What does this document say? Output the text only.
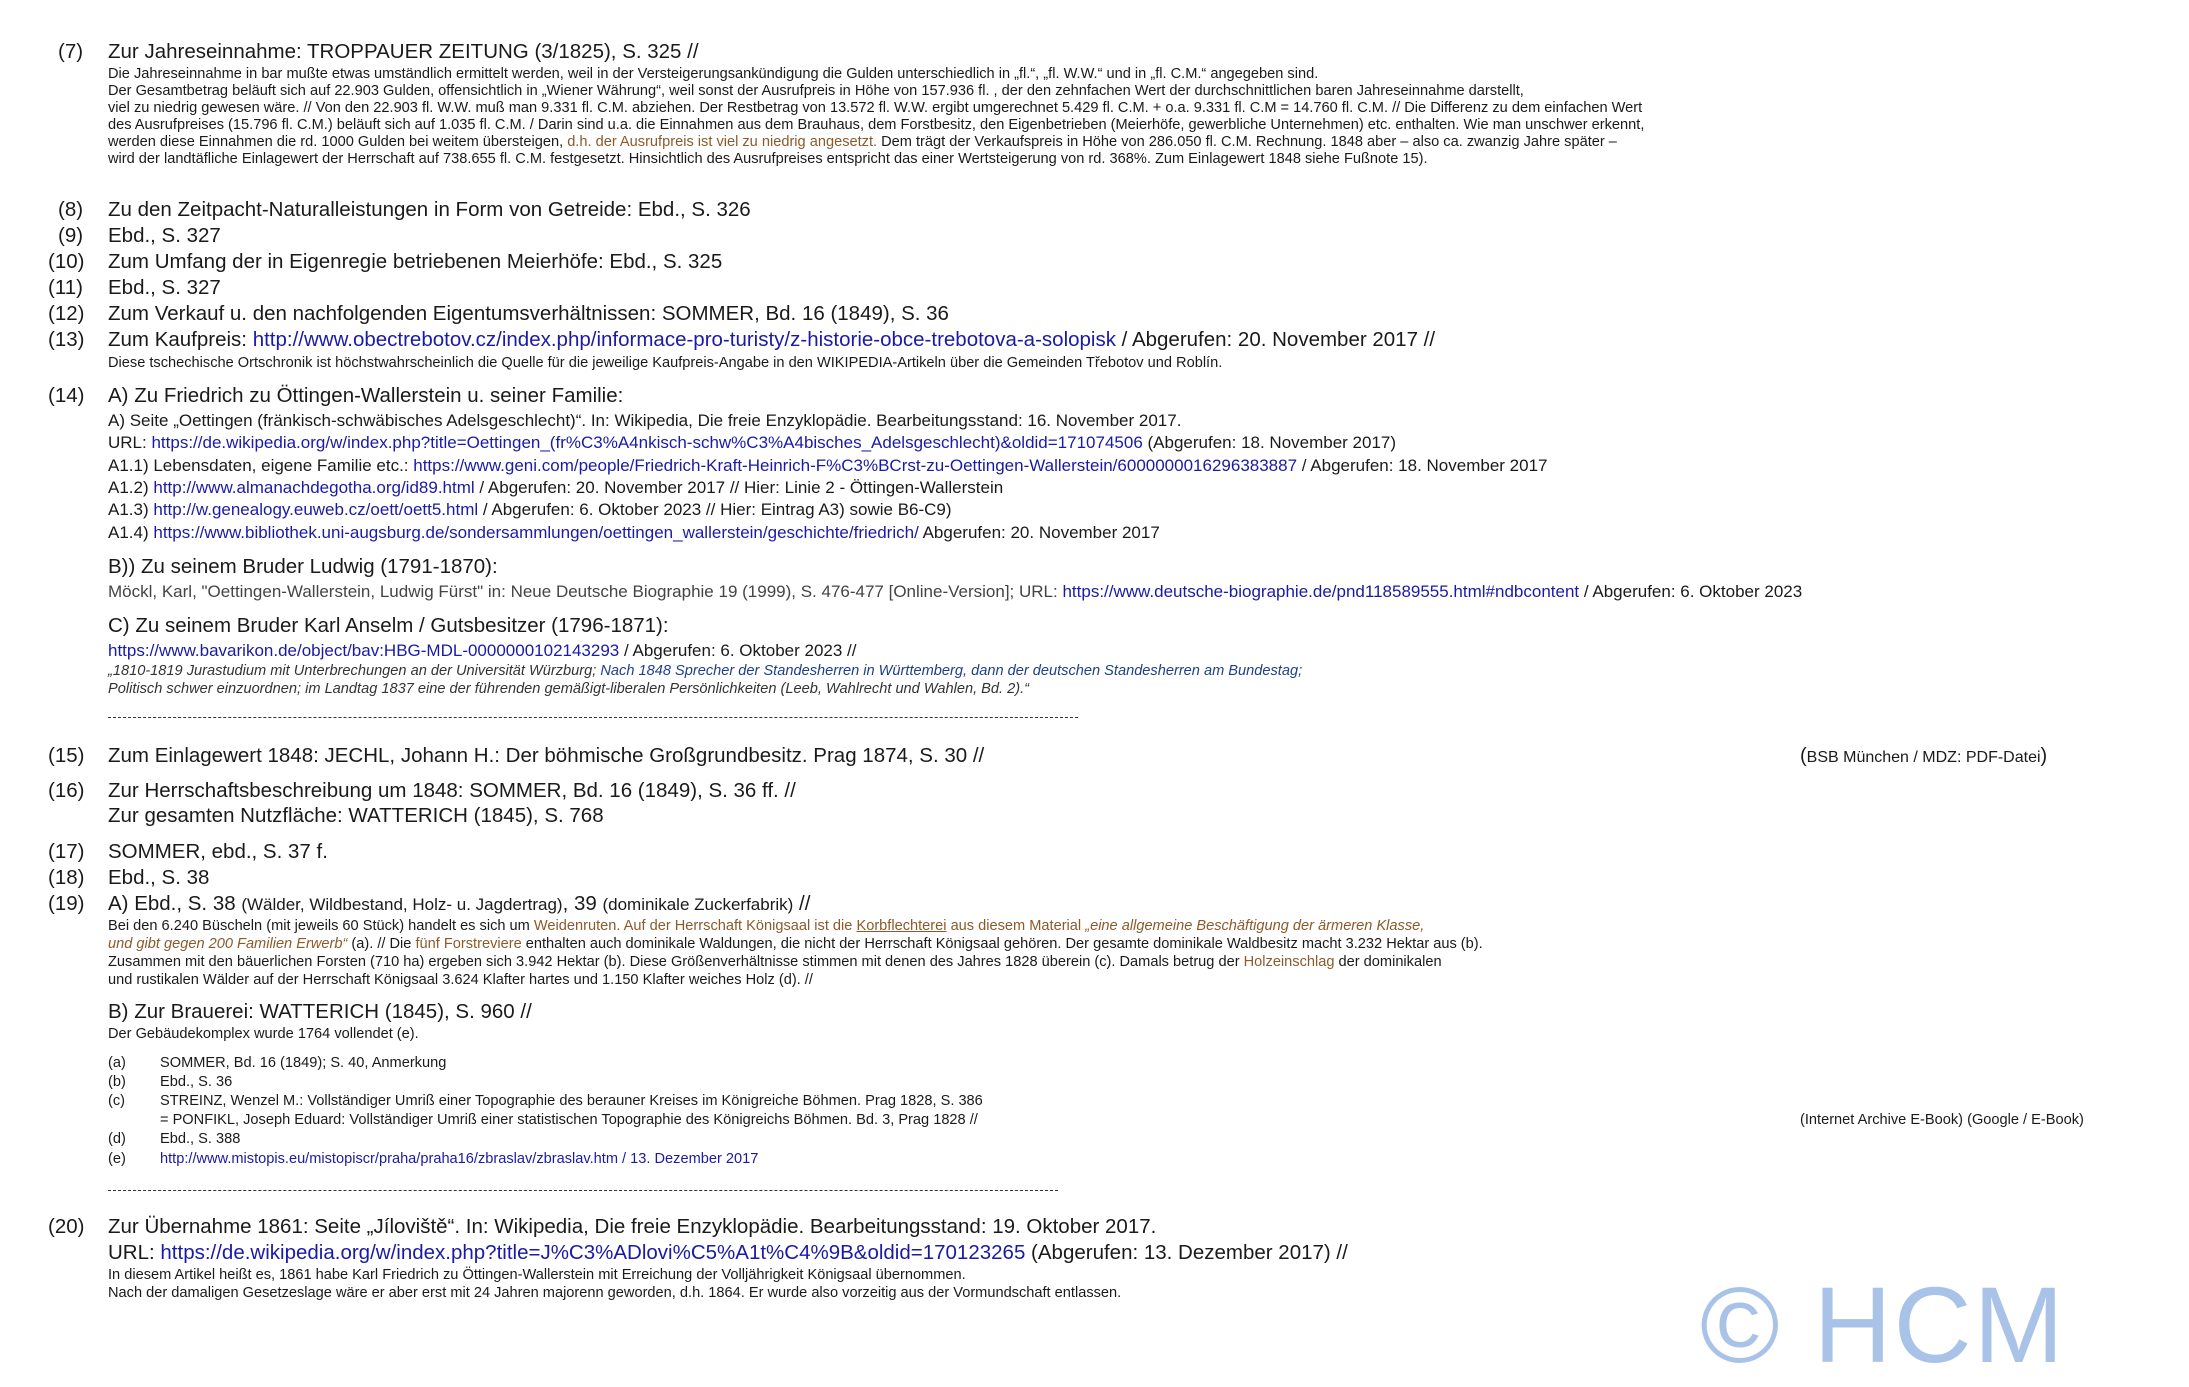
(7) Zur Jahreseinnahme: TROPPAUER ZEITUNG (3/1825), S. 325 //
Die Jahreseinnahme in bar mußte etwas umständlich ermittelt werden, weil in der Versteigerungsankündigung die Gulden unterschiedlich in „fl.“, „fl. W.W.“ und in „fl. C.M.“ angegeben sind.
Der Gesamtbetrag beläuft sich auf 22.903 Gulden, offensichtlich in „Wiener Währung“, weil sonst der Ausrufpreis in Höhe von 157.936 fl. , der den zehnfachen Wert der durchschnittlichen baren Jahreseinnahme darstellt,
viel zu niedrig gewesen wäre. // Von den 22.903 fl. W.W. muß man 9.331 fl. C.M. abziehen. Der Restbetrag von 13.572 fl. W.W. ergibt umgerechnet 5.429 fl. C.M. + o.a. 9.331 fl. C.M = 14.760 fl. C.M. // Die Differenz zu dem einfachen Wert
des Ausrufpreises (15.796 fl. C.M.) beläuft sich auf 1.035 fl. C.M. / Darin sind u.a. die Einnahmen aus dem Brauhaus, dem Forstbesitz, den Eigenbetrieben (Meierhöfe, gewerbliche Unternehmen) etc. enthalten. Wie man unschwer erkennt,
werden diese Einnahmen die rd. 1000 Gulden bei weitem übersteigen, d.h. der Ausrufpreis ist viel zu niedrig angesetzt. Dem trägt der Verkaufspreis in Höhe von 286.050 fl. C.M. Rechnung. 1848 aber – also ca. zwanzig Jahre später –
wird der landtäfliche Einlagewert der Herrschaft auf 738.655 fl. C.M. festgesetzt. Hinsichtlich des Ausrufpreises entspricht das einer Wertsteigerung von rd. 368%. Zum Einlagewert 1848 siehe Fußnote 15).
(8) Zu den Zeitpacht-Naturalleistungen in Form von Getreide: Ebd., S. 326
(9) Ebd., S. 327
(10) Zum Umfang der in Eigenregie betriebenen Meierhöfe: Ebd., S. 325
(11) Ebd., S. 327
(12) Zum Verkauf u. den nachfolgenden Eigentumsverhältnissen: SOMMER, Bd. 16 (1849), S. 36
(13) Zum Kaufpreis: http://www.obectrebotov.cz/index.php/informace-pro-turisty/z-historie-obce-trebotova-a-solopisk / Abgerufen: 20. November 2017 //
Diese tschechische Ortschronik ist höchstwahrscheinlich die Quelle für die jeweilige Kaufpreis-Angabe in den WIKIPEDIA-Artikeln über die Gemeinden Třebotov und Roblín.
(14) A) Zu Friedrich zu Öttingen-Wallerstein u. seiner Familie:
A) Seite „Oettingen (fränkisch-schwäbisches Adelsgeschlecht)“. In: Wikipedia, Die freie Enzyklopädie. Bearbeitungsstand: 16. November 2017.
URL: https://de.wikipedia.org/w/index.php?title=Oettingen_(fr%C3%A4nkisch-schw%C3%A4bisches_Adelsgeschlecht)&oldid=171074506 (Abgerufen: 18. November 2017)
A1.1) Lebensdaten, eigene Familie etc.: https://www.geni.com/people/Friedrich-Kraft-Heinrich-F%C3%BCrst-zu-Oettingen-Wallerstein/6000000016296383887 / Abgerufen: 18. November 2017
A1.2) http://www.almanachdegotha.org/id89.html / Abgerufen: 20. November 2017 // Hier: Linie 2 - Öttingen-Wallerstein
A1.3) http://w.genealogy.euweb.cz/oett/oett5.html / Abgerufen: 6. Oktober 2023 // Hier: Eintrag A3) sowie B6-C9)
A1.4) https://www.bibliothek.uni-augsburg.de/sondersammlungen/oettingen_wallerstein/geschichte/friedrich/ Abgerufen: 20. November 2017
B)) Zu seinem Bruder Ludwig (1791-1870):
Möckl, Karl, "Oettingen-Wallerstein, Ludwig Fürst" in: Neue Deutsche Biographie 19 (1999), S. 476-477 [Online-Version]; URL: https://www.deutsche-biographie.de/pnd118589555.html#ndbcontent / Abgerufen: 6. Oktober 2023
C) Zu seinem Bruder Karl Anselm / Gutsbesitzer (1796-1871):
https://www.bavarikon.de/object/bav:HBG-MDL-0000000102143293 / Abgerufen: 6. Oktober 2023 //
„1810-1819 Jurastudium mit Unterbrechungen an der Universität Würzburg; Nach 1848 Sprecher der Standesherren in Württemberg, dann der deutschen Standesherren am Bundestag;
Politisch schwer einzuordnen; im Landtag 1837 eine der führenden gemäßigt-liberalen Persönlichkeiten (Leeb, Wahlrecht und Wahlen, Bd. 2).“
(15) Zum Einlagewert 1848: JECHL, Johann H.: Der böhmische Großgrundbesitz. Prag 1874, S. 30 //	(BSB München / MDZ: PDF-Datei)
(16) Zur Herrschaftsbeschreibung um 1848: SOMMER, Bd. 16 (1849), S. 36 ff. //
Zur gesamten Nutzfläche: WATTERICH (1845), S. 768
(17) SOMMER, ebd., S. 37 f.
(18) Ebd., S. 38
(19) A) Ebd., S. 38 (Wälder, Wildbestand, Holz- u. Jagdertrag), 39 (dominikale Zuckerfabrik) //
Bei den 6.240 Büscheln (mit jeweils 60 Stück) handelt es sich um Weidenruten. Auf der Herrschaft Königsaal ist die Korbflechterei aus diesem Material „eine allgemeine Beschäftigung der ärmeren Klasse,
und gibt gegen 200 Familien Erwerb“ (a). // Die fünf Forstreviere enthalten auch dominikale Waldungen, die nicht der Herrschaft Königsaal gehören. Der gesamte dominikale Waldbesitz macht 3.232 Hektar aus (b).
Zusammen mit den bäuerlichen Forsten (710 ha) ergeben sich 3.942 Hektar (b). Diese Größenverhältnisse stimmen mit denen des Jahres 1828 überein (c). Damals betrug der Holzeinschlag der dominikalen
und rustikalen Wälder auf der Herrschaft Königsaal 3.624 Klafter hartes und 1.150 Klafter weiches Holz (d). //
B) Zur Brauerei: WATTERICH (1845), S. 960 //
Der Gebäudekomplex wurde 1764 vollendet (e).
(a) SOMMER, Bd. 16 (1849); S. 40, Anmerkung
(b) Ebd., S. 36
(c) STREINZ, Wenzel M.: Vollständiger Umriß einer Topographie des berauner Kreises im Königreiche Böhmen. Prag 1828, S. 386
= PONFIKL, Joseph Eduard: Vollständiger Umriß einer statistischen Topographie des Königreichs Böhmen. Bd. 3, Prag 1828 //	(Internet Archive E-Book) (Google / E-Book)
(d) Ebd., S. 388
(e) http://www.mistopis.eu/mistopiscr/praha/praha16/zbraslav/zbraslav.htm / 13. Dezember 2017
(20) Zur Übernahme 1861: Seite „Jíloviště“. In: Wikipedia, Die freie Enzyklopädie. Bearbeitungsstand: 19. Oktober 2017.
URL: https://de.wikipedia.org/w/index.php?title=J%C3%ADlovi%C5%A1t%C4%9B&oldid=170123265 (Abgerufen: 13. Dezember 2017) //
In diesem Artikel heißt es, 1861 habe Karl Friedrich zu Öttingen-Wallerstein mit Erreichung der Volljährigkeit Königsaal übernommen.
Nach der damaligen Gesetzeslage wäre er aber erst mit 24 Jahren majorenn geworden, d.h. 1864. Er wurde also vorzeitig aus der Vormundschaft entlassen.	© HCM
